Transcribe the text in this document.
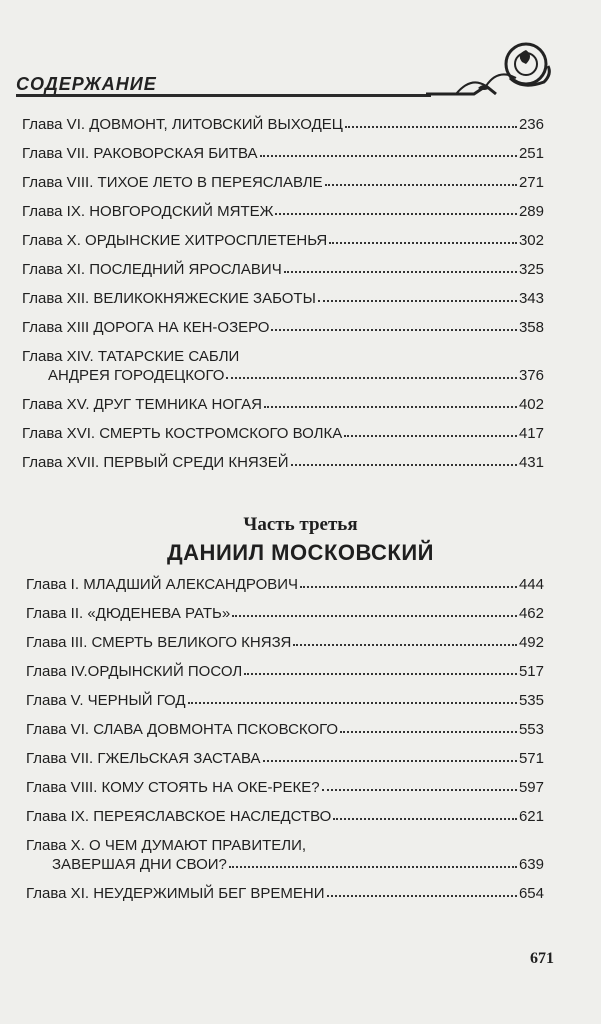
СОДЕРЖАНИЕ
Глава VI. ДОВМОНТ, ЛИТОВСКИЙ ВЫХОДЕЦ	236
Глава VII. РАКОВОРСКАЯ БИТВА	251
Глава VIII. ТИХОЕ ЛЕТО В ПЕРЕЯСЛАВЛЕ	271
Глава IX. НОВГОРОДСКИЙ МЯТЕЖ	289
Глава X. ОРДЫНСКИЕ ХИТРОСПЛЕТЕНЬЯ	302
Глава XI. ПОСЛЕДНИЙ ЯРОСЛАВИЧ	325
Глава XII. ВЕЛИКОКНЯЖЕСКИЕ ЗАБОТЫ	343
Глава XIII ДОРОГА НА КЕН-ОЗЕРО	358
Глава XIV. ТАТАРСКИЕ САБЛИ
АНДРЕЯ ГОРОДЕЦКОГО	376
Глава XV. ДРУГ ТЕМНИКА НОГАЯ	402
Глава XVI. СМЕРТЬ КОСТРОМСКОГО ВОЛКА	417
Глава XVII. ПЕРВЫЙ СРЕДИ КНЯЗЕЙ	431
Часть третья
ДАНИИЛ МОСКОВСКИЙ
Глава I. МЛАДШИЙ АЛЕКСАНДРОВИЧ	444
Глава II. «ДЮДЕНЕВА РАТЬ»	462
Глава III. СМЕРТЬ ВЕЛИКОГО КНЯЗЯ	492
Глава IV.ОРДЫНСКИЙ ПОСОЛ	517
Глава V. ЧЕРНЫЙ ГОД	535
Глава VI. СЛАВА ДОВМОНТА ПСКОВСКОГО	553
Глава VII. ГЖЕЛЬСКАЯ ЗАСТАВА	571
Глава VIII. КОМУ СТОЯТЬ НА ОКЕ-РЕКЕ?	597
Глава IX. ПЕРЕЯСЛАВСКОЕ НАСЛЕДСТВО	621
Глава X. О ЧЕМ ДУМАЮТ ПРАВИТЕЛИ,
ЗАВЕРШАЯ ДНИ СВОИ?	639
Глава XI. НЕУДЕРЖИМЫЙ БЕГ ВРЕМЕНИ	654
671
